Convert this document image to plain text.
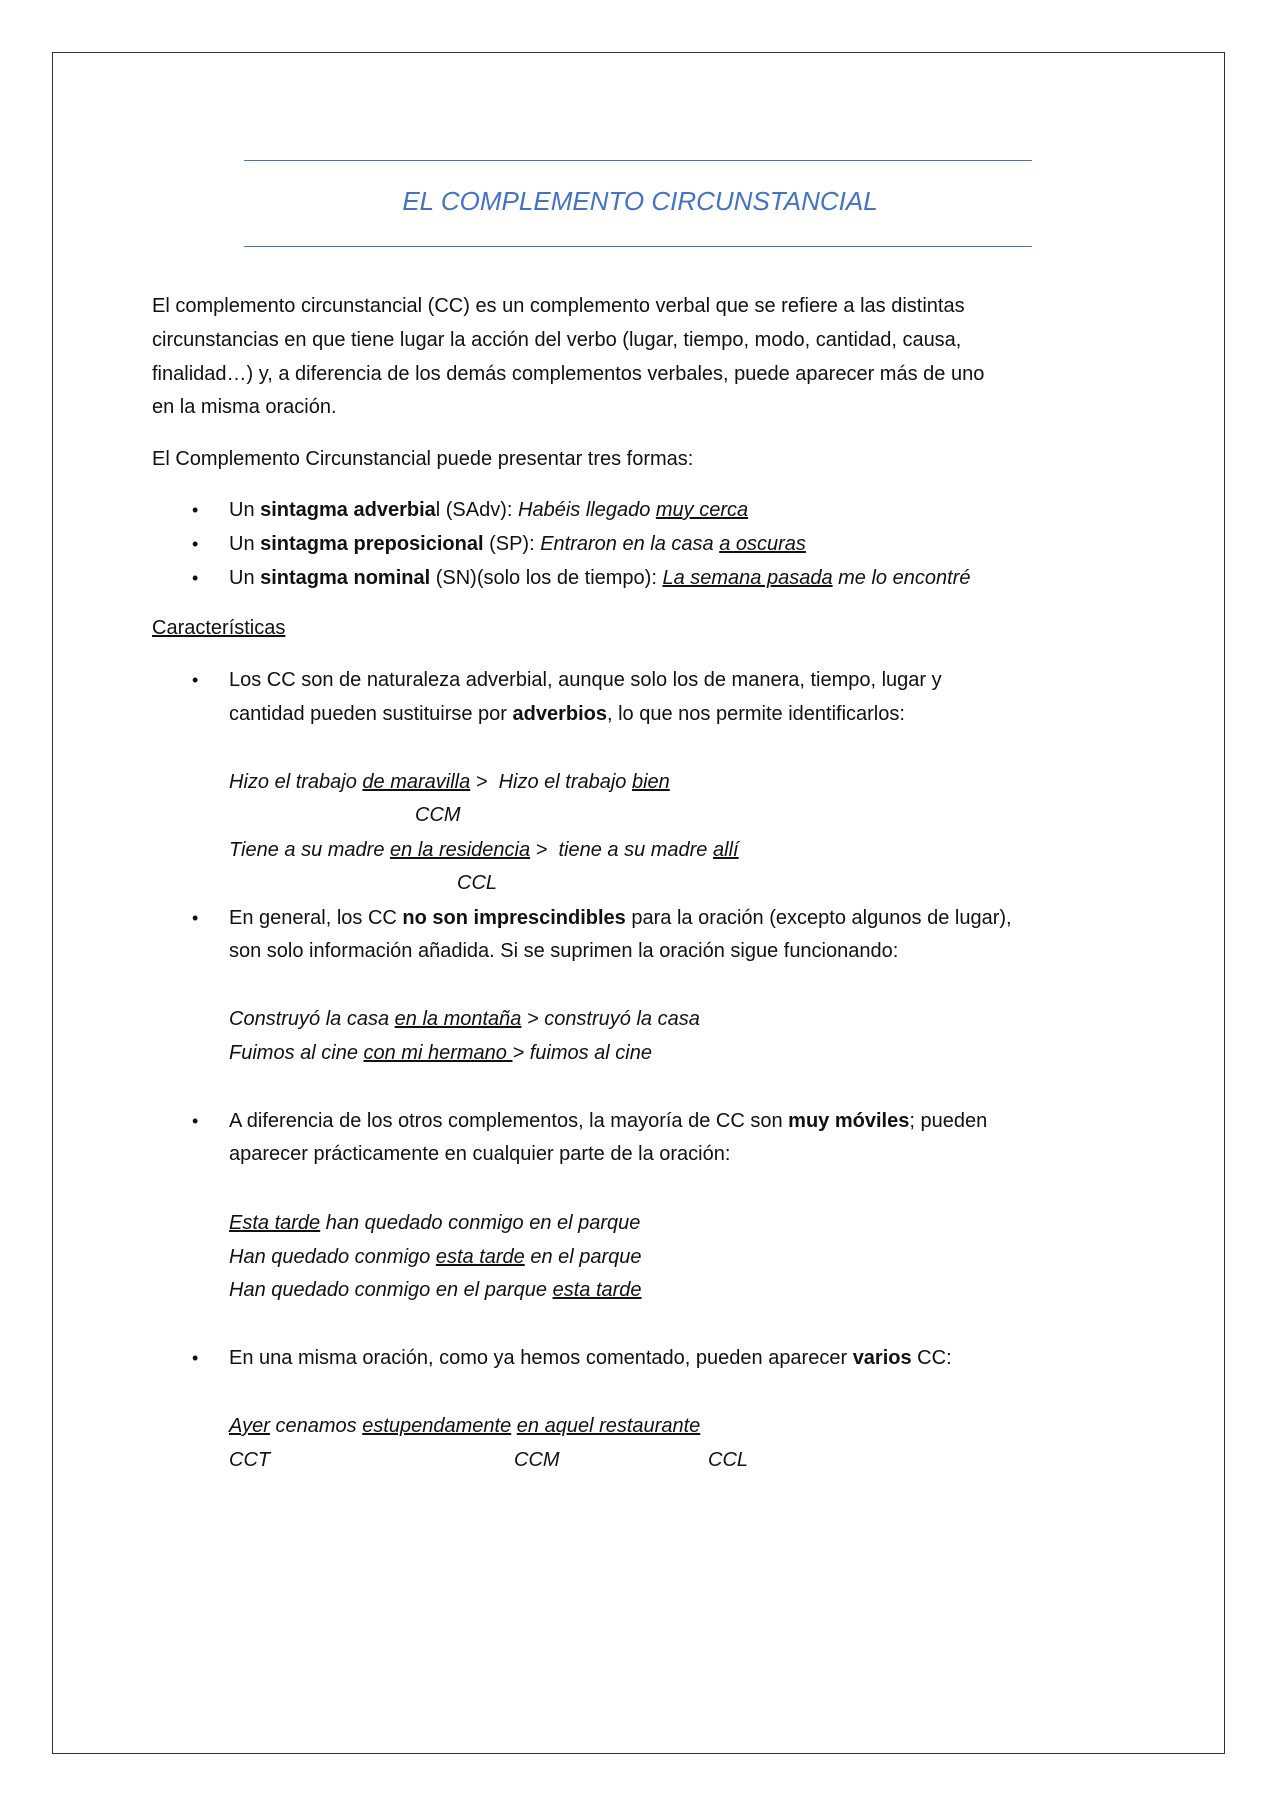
EL COMPLEMENTO CIRCUNSTANCIAL
El complemento circunstancial (CC) es un complemento verbal que se refiere a las distintas
circunstancias en que tiene lugar la acción del verbo (lugar, tiempo, modo, cantidad, causa,
finalidad…) y, a diferencia de los demás complementos verbales, puede aparecer más de uno
en la misma oración.
El Complemento Circunstancial puede presentar tres formas:
• Un sintagma adverbial (SAdv): Habéis llegado muy cerca
• Un sintagma preposicional (SP): Entraron en la casa a oscuras
• Un sintagma nominal (SN)(solo los de tiempo): La semana pasada me lo encontré
Características
• Los CC son de naturaleza adverbial, aunque solo los de manera, tiempo, lugar y
cantidad pueden sustituirse por adverbios, lo que nos permite identificarlos:
Hizo el trabajo de maravilla >  Hizo el trabajo bien
CCM
Tiene a su madre en la residencia >  tiene a su madre allí
CCL
• En general, los CC no son imprescindibles para la oración (excepto algunos de lugar),
son solo información añadida. Si se suprimen la oración sigue funcionando:
Construyó la casa en la montaña > construyó la casa
Fuimos al cine con mi hermano > fuimos al cine
• A diferencia de los otros complementos, la mayoría de CC son muy móviles; pueden
aparecer prácticamente en cualquier parte de la oración:
Esta tarde han quedado conmigo en el parque
Han quedado conmigo esta tarde en el parque
Han quedado conmigo en el parque esta tarde
• En una misma oración, como ya hemos comentado, pueden aparecer varios CC:
Ayer cenamos estupendamente en aquel restaurante
CCT	CCM	CCL
